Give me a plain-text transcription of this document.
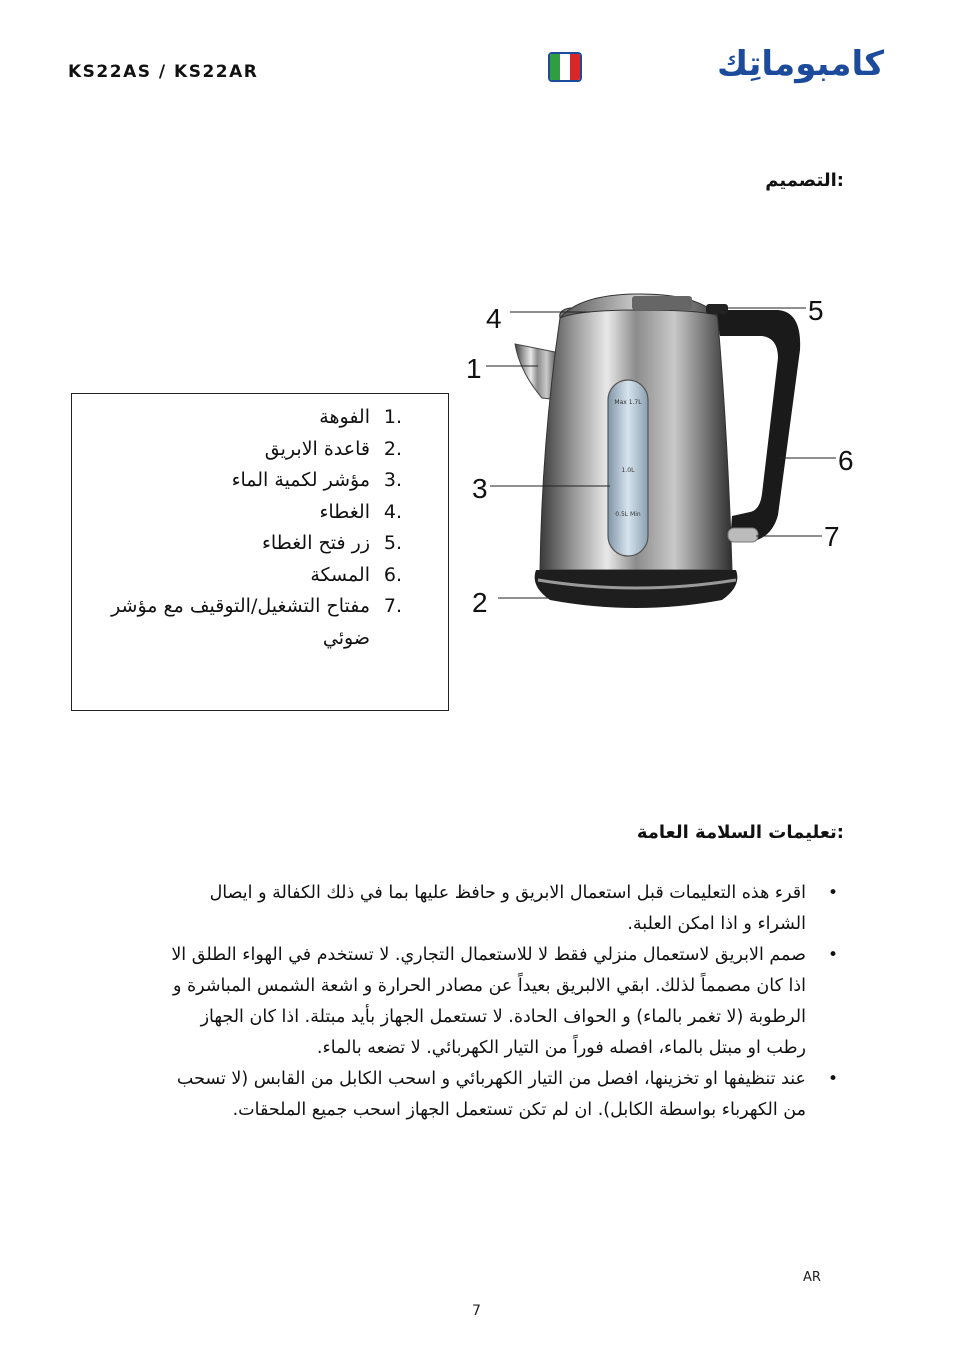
KS22AS / KS22AR	كامبوماتِك
:التصميم
1.
الفوهة
2.
قاعدة الابريق
3.
مؤشر لكمية الماء
4.
الغطاء
5.
زر فتح الغطاء
6.
المسكة
7.
مفتاح التشغيل/التوقيف مع مؤشر ضوئي
Max 1.7L
1.0L
0.5L Min
4
1
3
2
5
6
7
:تعليمات السلامة العامة
• اقرء هذه التعليمات قبل استعمال الابريق و حافظ عليها بما في ذلك الكفالة و ايصال الشراء و اذا امكن العلبة.
• صمم الابريق لاستعمال منزلي فقط لا للاستعمال التجاري. لا تستخدم في الهواء الطلق الا اذا كان مصمماً لذلك. ابقي الالبريق بعيداً عن مصادر الحرارة و اشعة الشمس المباشرة و الرطوبة (لا تغمر بالماء) و الحواف الحادة. لا تستعمل الجهاز بأيد مبتلة. اذا كان الجهاز رطب او مبتل بالماء، افصله فوراً من التيار الكهربائي. لا تضعه بالماء.
• عند تنظيفها او تخزينها، افصل من التيار الكهربائي و اسحب الكابل من القابس (لا تسحب من الكهرباء بواسطة الكابل). ان لم تكن تستعمل الجهاز اسحب جميع الملحقات.
AR
7
